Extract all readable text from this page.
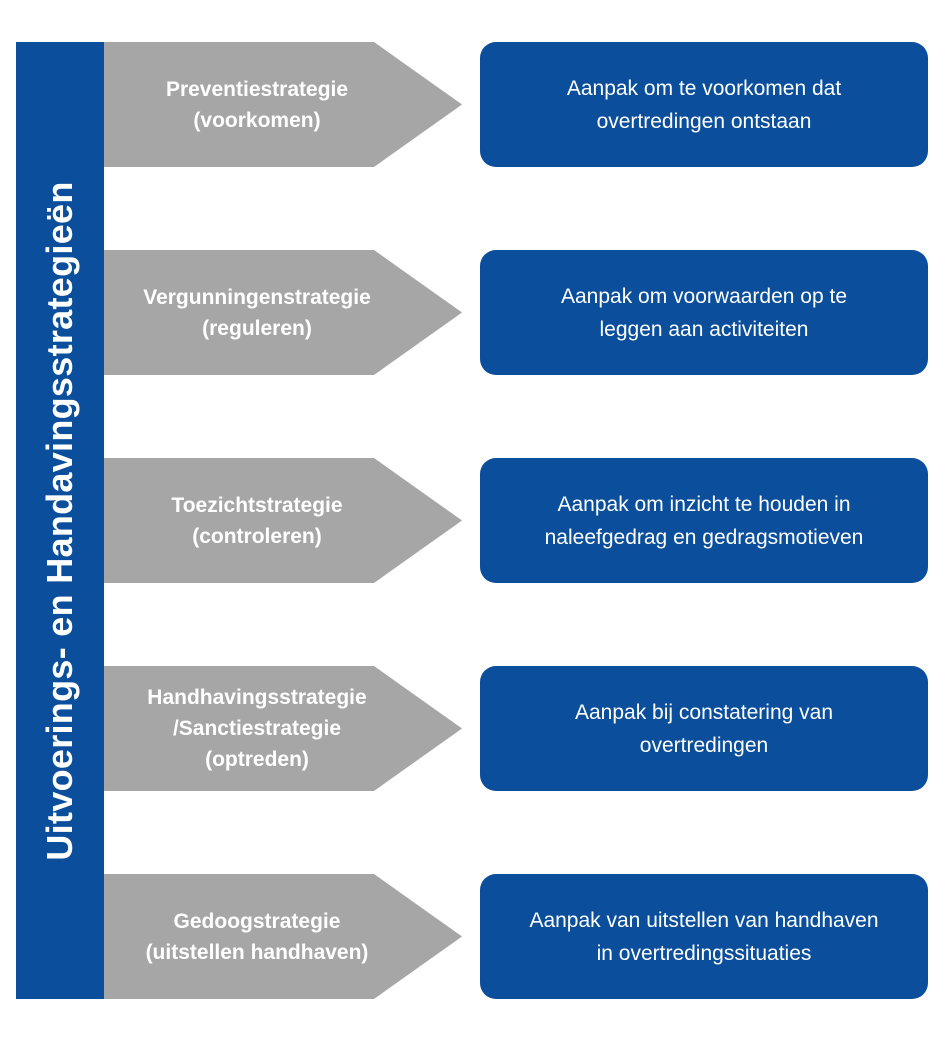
Uitvoerings- en Handavingsstrategieën
Preventiestrategie
(voorkomen)
Aanpak om te voorkomen dat
overtredingen ontstaan
Vergunningenstrategie
(reguleren)
Aanpak om voorwaarden op te
leggen aan activiteiten
Toezichtstrategie
(controleren)
Aanpak om inzicht te houden in
naleefgedrag en gedragsmotieven
Handhavingsstrategie
/Sanctiestrategie
(optreden)
Aanpak bij constatering van
overtredingen
Gedoogstrategie
(uitstellen handhaven)
Aanpak van uitstellen van handhaven
in overtredingssituaties
